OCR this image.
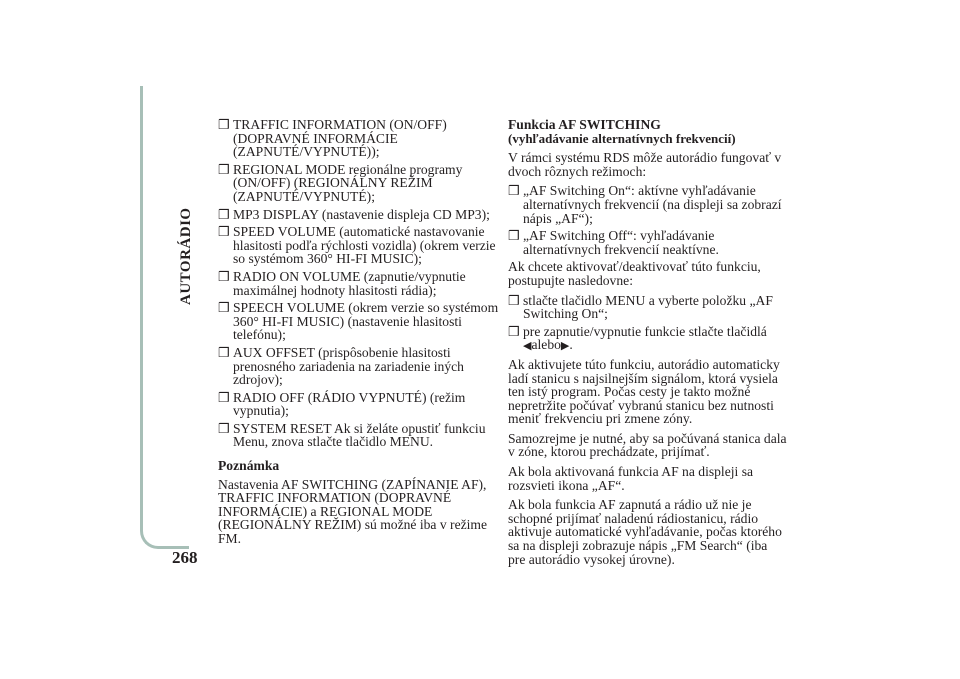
AUTORÁDIO
268
❒ TRAFFIC INFORMATION (ON/OFF) (DOPRAVNÉ INFORMÁCIE (ZAPNUTÉ/VYPNUTÉ));
❒ REGIONAL MODE regionálne programy (ON/OFF) (REGIONÁLNY REŽIM (ZAPNUTÉ/VYPNUTÉ);
❒ MP3 DISPLAY (nastavenie displeja CD MP3);
❒ SPEED VOLUME (automatické nastavovanie hlasitosti podľa rýchlosti vozidla) (okrem verzie so systémom 360° HI-FI MUSIC);
❒ RADIO ON VOLUME (zapnutie/vypnutie maximálnej hodnoty hlasitosti rádia);
❒ SPEECH VOLUME (okrem verzie so systémom 360° HI-FI MUSIC) (nastavenie hlasitosti telefónu);
❒ AUX OFFSET (prispôsobenie hlasitosti prenosného zariadenia na zariadenie iných zdrojov);
❒ RADIO OFF (RÁDIO VYPNUTÉ) (režim vypnutia);
❒ SYSTEM RESET Ak si želáte opustiť funkciu Menu, znova stlačte tlačidlo MENU.

Poznámka

Nastavenia AF SWITCHING (ZAPÍNANIE AF), TRAFFIC INFORMATION (DOPRAVNÉ INFORMÁCIE) a REGIONAL MODE (REGIONÁLNY REŽIM) sú možné iba v režime FM.

Funkcia AF SWITCHING
(vyhľadávanie alternatívnych frekvencií)

V rámci systému RDS môže autorádio fungovať v dvoch rôznych režimoch:

❒ „AF Switching On“: aktívne vyhľadávanie alternatívnych frekvencií (na displeji sa zobrazí nápis „AF“);
❒ „AF Switching Off“: vyhľadávanie alternatívnych frekvencií neaktívne.

Ak chcete aktivovať/deaktivovať túto funkciu, postupujte nasledovne:

❒ stlačte tlačidlo MENU a vyberte položku „AF Switching On“;
❒ pre zapnutie/vypnutie funkcie stlačte tlačidlá
◀alebo▶.

Ak aktivujete túto funkciu, autorádio automaticky ladí stanicu s najsilnejším signálom, ktorá vysiela ten istý program. Počas cesty je takto možné nepretržite počúvať vybranú stanicu bez nutnosti meniť frekvenciu pri zmene zóny.

Samozrejme je nutné, aby sa počúvaná stanica dala v zóne, ktorou prechádzate, prijímať.

Ak bola aktivovaná funkcia AF na displeji sa rozsvieti ikona „AF“.

Ak bola funkcia AF zapnutá a rádio už nie je schopné prijímať naladenú rádiostanicu, rádio aktivuje automatické vyhľadávanie, počas ktorého sa na displeji zobrazuje nápis „FM Search“ (iba pre autorádio vysokej úrovne).
